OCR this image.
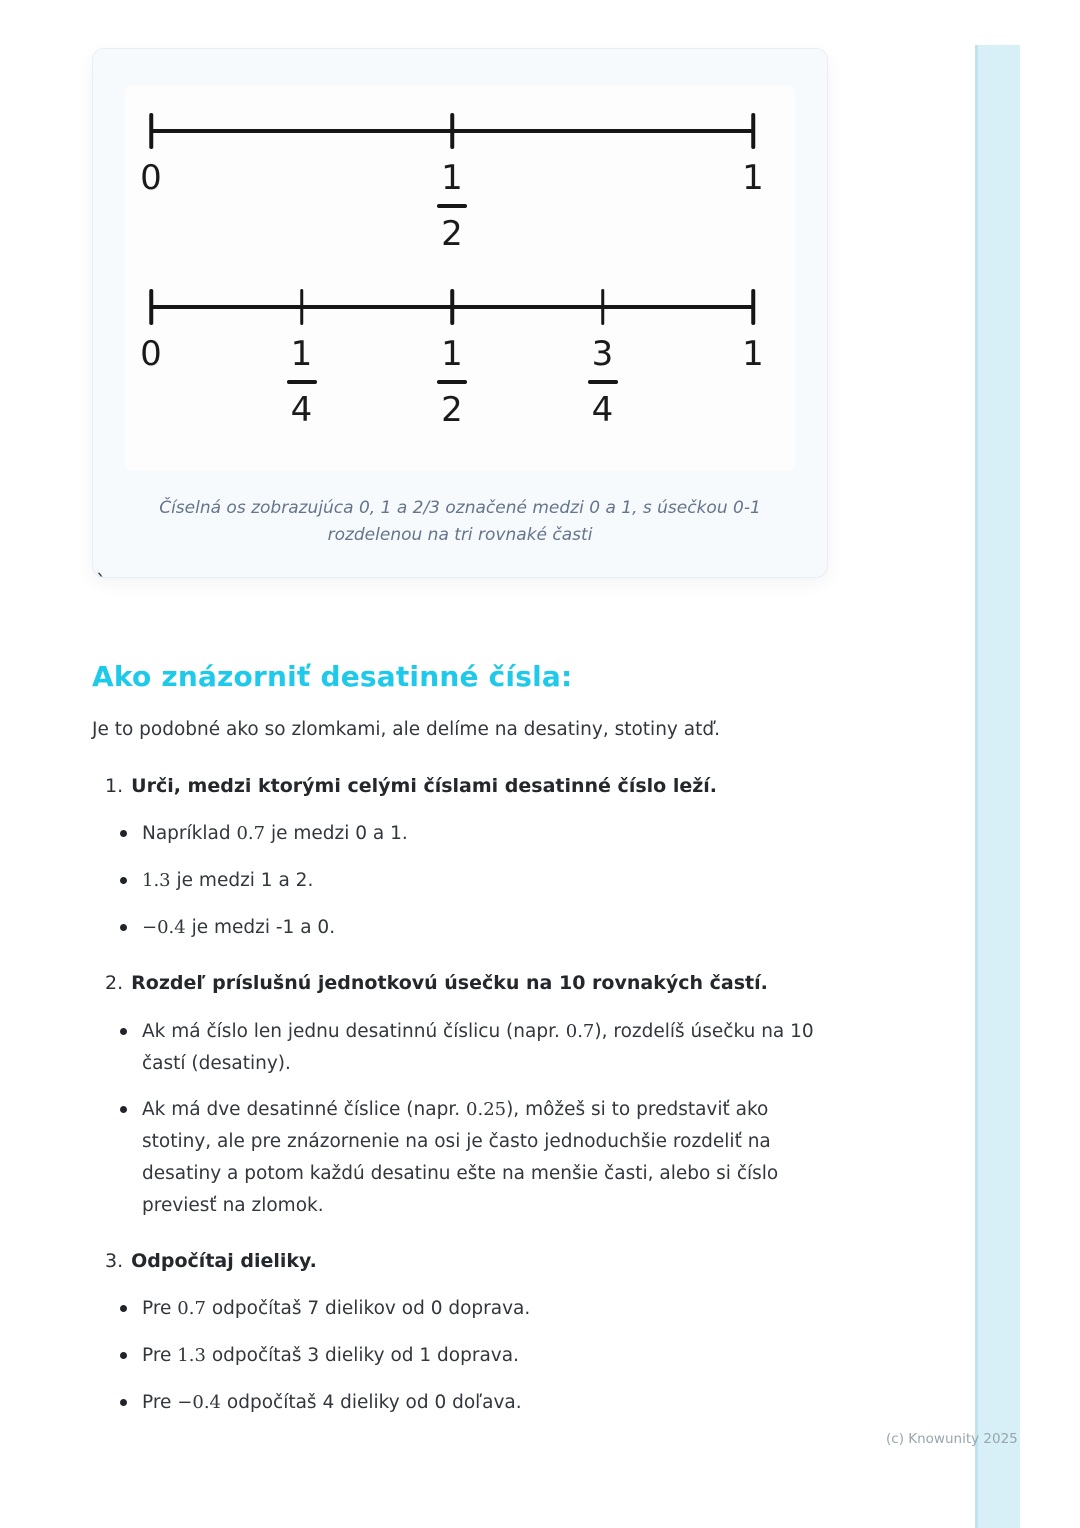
0	1
2
1
0	1
4
1
2
3
4
1
Číselná os zobrazujúca 0, 1 a 2/3 označené medzi 0 a 1, s úsečkou 0-1 rozdelenou na tri rovnaké časti
`
Ako znázorniť desatinné čísla:

Je to podobné ako so zlomkami, ale delíme na desatiny, stotiny atď.

1. Urči, medzi ktorými celými číslami desatinné číslo leží.
Napríklad 0.7 je medzi 0 a 1.
1.3 je medzi 1 a 2.
−0.4 je medzi -1 a 0.
2. Rozdeľ príslušnú jednotkovú úsečku na 10 rovnakých častí.
Ak má číslo len jednu desatinnú číslicu (napr. 0.7), rozdelíš úsečku na 10 častí (desatiny).
Ak má dve desatinné číslice (napr. 0.25), môžeš si to predstaviť ako stotiny, ale pre znázornenie na osi je často jednoduchšie rozdeliť na desatiny a potom každú desatinu ešte na menšie časti, alebo si číslo previesť na zlomok.
3. Odpočítaj dieliky.
Pre 0.7 odpočítaš 7 dielikov od 0 doprava.
Pre 1.3 odpočítaš 3 dieliky od 1 doprava.
Pre −0.4 odpočítaš 4 dieliky od 0 doľava.
(c) Knowunity 2025
